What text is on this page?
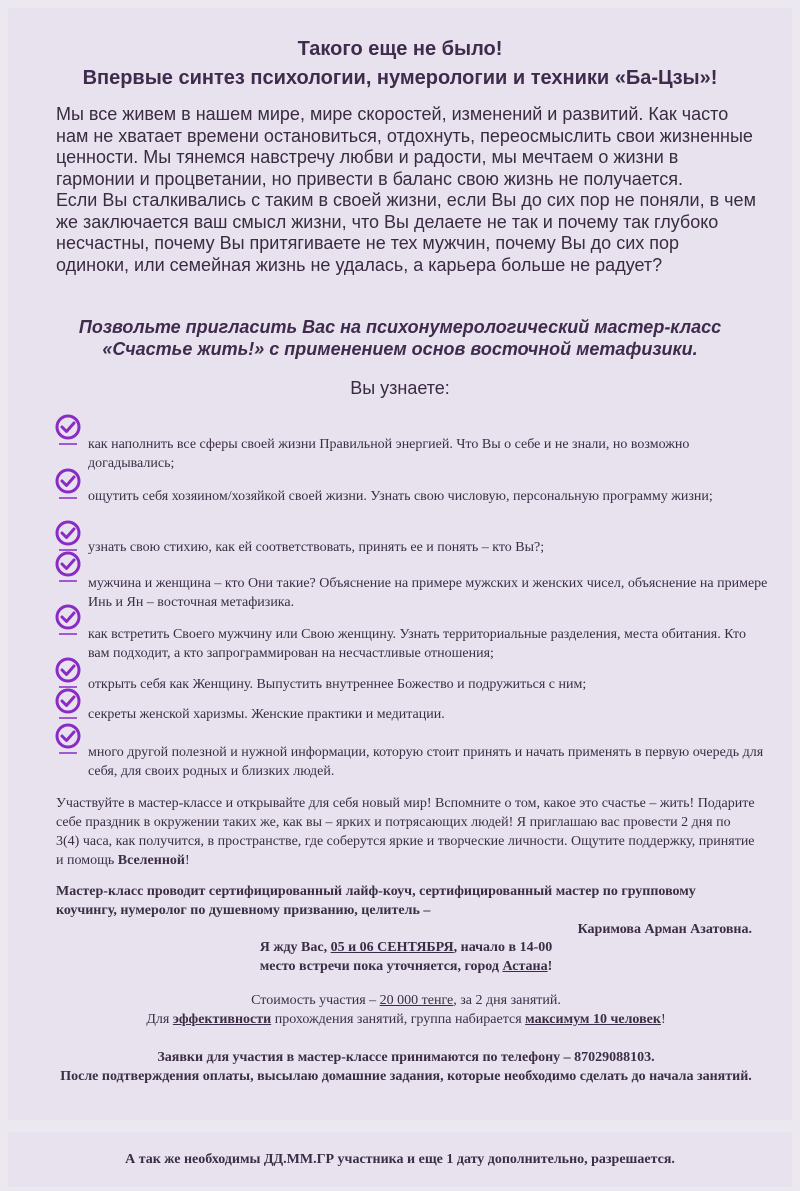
Такого еще не было!
Впервые синтез психологии, нумерологии и техники «Ба-Цзы»!

Мы все живем в нашем мире, мире скоростей, изменений и развитий. Как часто нам не хватает времени остановиться, отдохнуть, переосмыслить свои жизненные ценности. Мы тянемся навстречу любви и радости, мы мечтаем о жизни в гармонии и процветании, но привести в баланс свою жизнь не получается.

Если Вы сталкивались с таким в своей жизни, если Вы до сих пор не поняли, в чем же заключается ваш смысл жизни, что Вы делаете не так и почему так глубоко несчастны, почему Вы притягиваете не тех мужчин, почему Вы до сих пор одиноки, или семейная жизнь не удалась, а карьера больше не радует?

Позвольте пригласить Вас на психонумерологический мастер-класс
«Счастье жить!» с применением основ восточной метафизики.
Вы узнаете:
как наполнить все сферы своей жизни Правильной энергией. Что Вы о себе и не знали, но возможно догадывались;
ощутить себя хозяином/хозяйкой своей жизни. Узнать свою числовую, персональную программу жизни;
узнать свою стихию, как ей соответствовать, принять ее и понять – кто Вы?;
мужчина и женщина – кто Они такие? Объяснение на примере мужских и женских чисел, объяснение на примере Инь и Ян – восточная метафизика.
как встретить Своего мужчину или Свою женщину. Узнать территориальные разделения, места обитания. Кто вам подходит, а кто запрограммирован на несчастливые отношения;
открыть себя как Женщину. Выпустить внутреннее Божество и подружиться с ним;
секреты женской харизмы. Женские практики и медитации.
много другой полезной и нужной информации, которую стоит принять и начать применять в первую очередь для себя, для своих родных и близких людей.
Участвуйте в мастер-классе и открывайте для себя новый мир! Вспомните о том, какое это счастье – жить! Подарите себе праздник в окружении таких же, как вы – ярких и потрясающих людей! Я приглашаю вас провести 2 дня по 3(4) часа, как получится, в пространстве, где соберутся яркие и творческие личности. Ощутите поддержку, принятие и помощь Вселенной!
Мастер-класс проводит сертифицированный лайф-коуч, сертифицированный мастер по групповому коучингу, нумеролог по душевному призванию, целитель –
Каримова Арман Азатовна.
Я жду Вас, 05 и 06 СЕНТЯБРЯ, начало в 14-00
место встречи пока уточняется, город Астана!
Стоимость участия – 20 000 тенге, за 2 дня занятий.
Для эффективности прохождения занятий, группа набирается максимум 10 человек!
Заявки для участия в мастер-классе принимаются по телефону – 87029088103.
После подтверждения оплаты, высылаю домашние задания, которые необходимо сделать до начала занятий.
А так же необходимы ДД.ММ.ГР участника и еще 1 дату дополнительно, разрешается.
